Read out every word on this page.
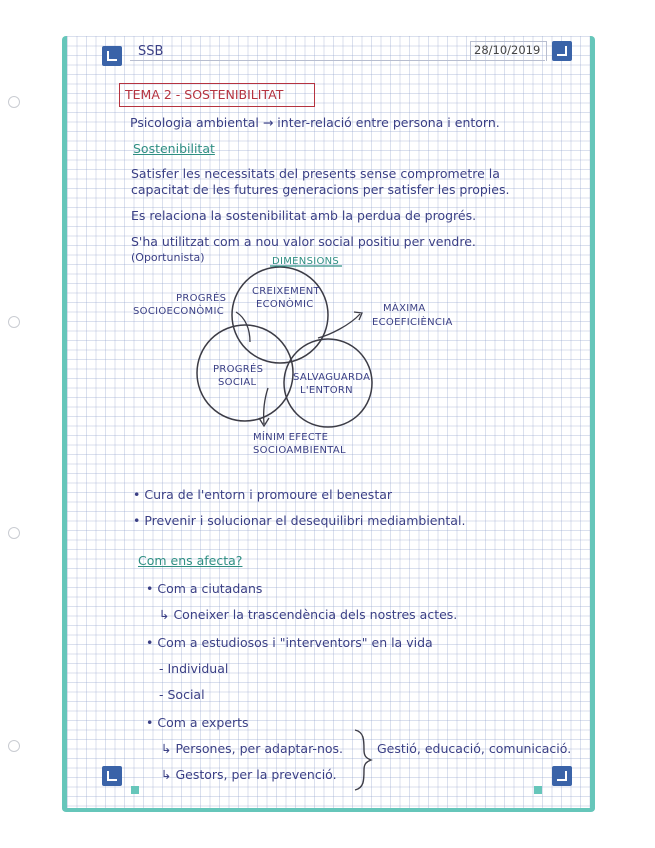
SSB	28/10/2019
TEMA 2 - SOSTENIBILITAT
Psicologia ambiental → inter-relació entre persona i entorn.
Sostenibilitat
Satisfer les necessitats del presents sense comprometre la
capacitat de les futures generacions per satisfer les propies.
Es relaciona la sostenibilitat amb la perdua de progrés.
S'ha utilitzat com a nou valor social positiu per vendre.
(Oportunista)	DIMENSIONS
CREIXEMENT
ECONÒMIC
PROGRÉS
SOCIAL	SALVAGUARDA
L'ENTORN
PROGRÉS
SOCIOECONÒMIC	MÀXIMA
ECOEFICIÈNCIA
MÍNIM EFECTE
SOCIOAMBIENTAL
• Cura de l'entorn i promoure el benestar
• Prevenir i solucionar el desequilibri mediambiental.
Com ens afecta?
• Com a ciutadans
↳ Coneixer la trascendència dels nostres actes.
• Com a estudiosos i "interventors" en la vida
- Individual
- Social
• Com a experts
↳ Persones, per adaptar-nos.
↳ Gestors, per la prevenció.
Gestió, educació, comunicació.
